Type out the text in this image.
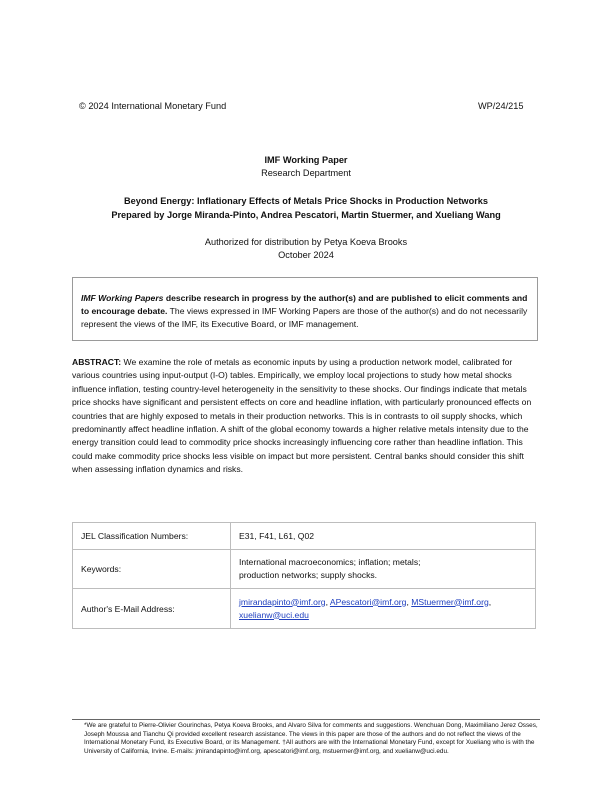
© 2024 International Monetary Fund	WP/24/215
IMF Working Paper
Research Department
Beyond Energy: Inflationary Effects of Metals Price Shocks in Production Networks
Prepared by Jorge Miranda-Pinto, Andrea Pescatori, Martin Stuermer, and Xueliang Wang
Authorized for distribution by Petya Koeva Brooks
October 2024
IMF Working Papers describe research in progress by the author(s) and are published to elicit comments and to encourage debate. The views expressed in IMF Working Papers are those of the author(s) and do not necessarily represent the views of the IMF, its Executive Board, or IMF management.
ABSTRACT: We examine the role of metals as economic inputs by using a production network model, calibrated for various countries using input-output (I-O) tables. Empirically, we employ local projections to study how metal shocks influence inflation, testing country-level heterogeneity in the sensitivity to these shocks. Our findings indicate that metals price shocks have significant and persistent effects on core and headline inflation, with particularly pronounced effects on countries that are highly exposed to metals in their production networks. This is in contrasts to oil supply shocks, which predominantly affect headline inflation. A shift of the global economy towards a higher relative metals intensity due to the energy transition could lead to commodity price shocks increasingly influencing core rather than headline inflation. This could make commodity price shocks less visible on impact but more persistent. Central banks should consider this shift when assessing inflation dynamics and risks.
JEL Classification Numbers:	E31, F41, L61, Q02
Keywords:	International macroeconomics; inflation; metals;
production networks; supply shocks.

Author's E-Mail Address:	jmirandapinto@imf.org, APescatori@imf.org, MStuermer@imf.org,
xuelianw@uci.edu
*We are grateful to Pierre-Olivier Gourinchas, Petya Koeva Brooks, and Alvaro Silva for comments and suggestions. Wenchuan Dong, Maximiliano Jerez Osses, Joseph Moussa and Tianchu Qi provided excellent research assistance. The views in this paper are those of the authors and do not reflect the views of the International Monetary Fund, its Executive Board, or its Management. †All authors are with the International Monetary Fund, except for Xueliang who is with the University of California, Irvine. E-mails: jmirandapinto@imf.org, apescatori@imf.org, mstuermer@imf.org, and xuelianw@uci.edu.
